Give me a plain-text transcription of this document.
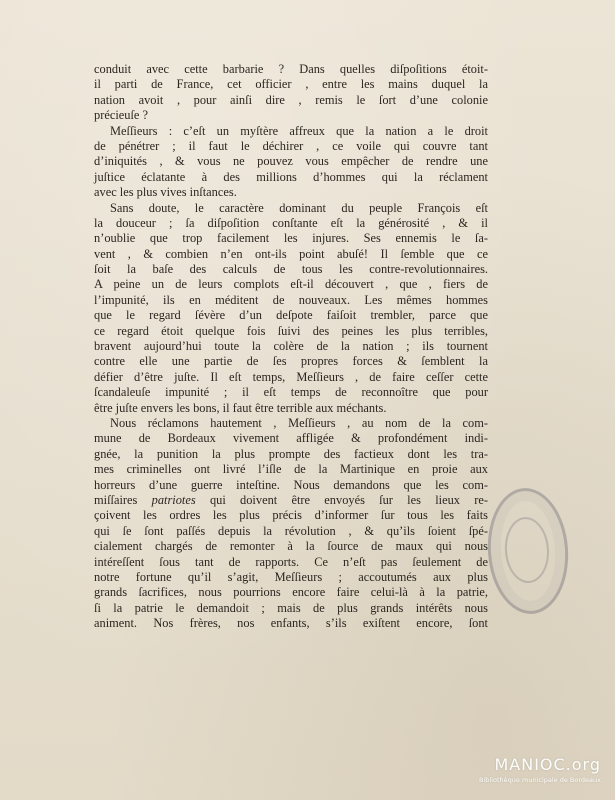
conduit avec cette barbarie ? Dans quelles diſpoſitions étoit-
il parti de France, cet officier , entre les mains duquel la
nation avoit , pour ainſi dire , remis le ſort d’une colonie
précieuſe ?
Meſſieurs : c’eſt un myſtère affreux que la nation a le droit
de pénétrer ; il faut le déchirer , ce voile qui couvre tant
d’iniquités , & vous ne pouvez vous empêcher de rendre une
juſtice éclatante à des millions d’hommes qui la réclament
avec les plus vives inſtances.
Sans doute, le caractère dominant du peuple François eſt
la douceur ; ſa diſpoſition conſtante eſt la générosité , & il
n’oublie que trop facilement les injures. Ses ennemis le ſa-
vent , & combien n’en ont-ils point abuſé! Il ſemble que ce
ſoit la baſe des calculs de tous les contre-revolutionnaires.
A peine un de leurs complots eſt-il découvert , que , fiers de
l’impunité, ils en méditent de nouveaux. Les mêmes hommes
que le regard ſévère d’un deſpote faiſoit trembler, parce que
ce regard étoit quelque fois ſuivi des peines les plus terribles,
bravent aujourd’hui toute la colère de la nation ; ils tournent
contre elle une partie de ſes propres forces & ſemblent la
défier d’être juſte. Il eſt temps, Meſſieurs , de faire ceſſer cette
ſcandaleuſe impunité ; il eſt temps de reconnoître que pour
être juſte envers les bons, il faut être terrible aux méchants.
Nous réclamons hautement , Meſſieurs , au nom de la com-
mune de Bordeaux vivement affligée & profondément indi-
gnée, la punition la plus prompte des factieux dont les tra-
mes criminelles ont livré l’iſle de la Martinique en proie aux
horreurs d’une guerre inteſtine. Nous demandons que les com-
miſſaires patriotes qui doivent être envoyés ſur les lieux re-
çoivent les ordres les plus précis d’informer ſur tous les faits
qui ſe ſont paſſés depuis la révolution , & qu’ils ſoient ſpé-
cialement chargés de remonter à la ſource de maux qui nous
intéreſſent ſous tant de rapports. Ce n’eſt pas ſeulement de
notre fortune qu’il s’agit, Meſſieurs ; accoutumés aux plus
grands ſacrifices, nous pourrions encore faire celui-là à la patrie,
ſi la patrie le demandoit ; mais de plus grands intérêts nous
animent. Nos frères, nos enfants, s’ils exiſtent encore, ſont
MANIOC.org
Bibliothèque municipale de Bordeaux
